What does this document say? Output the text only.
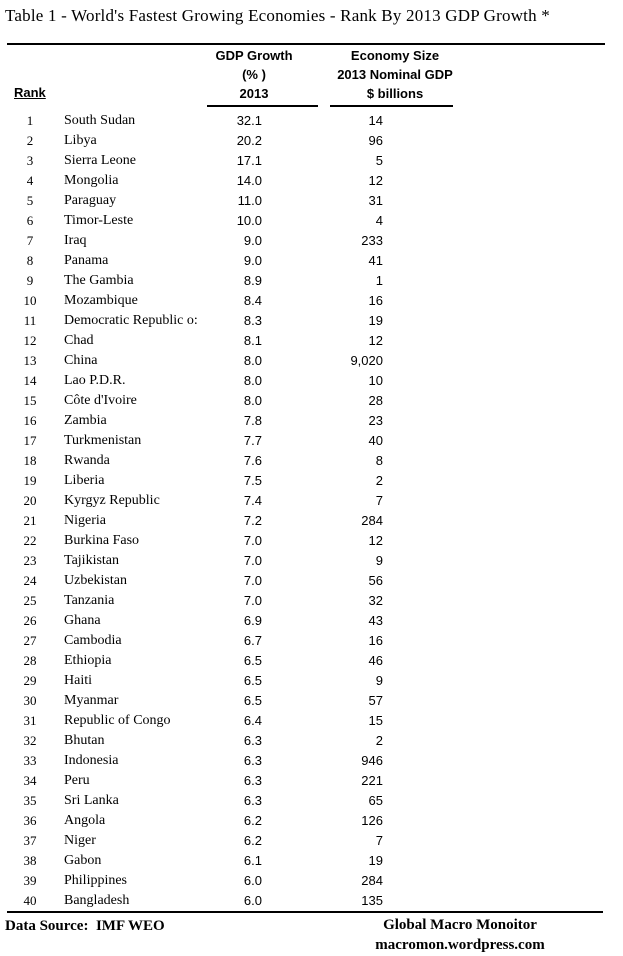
Table 1 - World's Fastest Growing Economies - Rank By 2013 GDP Growth *
Rank
GDP Growth
(% )
2013
Economy Size
2013 Nominal GDP
$ billions
1	South Sudan	32.1	14
2	Libya	20.2	96
3	Sierra Leone	17.1	5
4	Mongolia	14.0	12
5	Paraguay	11.0	31
6	Timor-Leste	10.0	4
7	Iraq	9.0	233
8	Panama	9.0	41
9	The Gambia	8.9	1
10	Mozambique	8.4	16
11	Democratic Republic o:	8.3	19
12	Chad	8.1	12
13	China	8.0	9,020
14	Lao P.D.R.	8.0	10
15	Côte d'Ivoire	8.0	28
16	Zambia	7.8	23
17	Turkmenistan	7.7	40
18	Rwanda	7.6	8
19	Liberia	7.5	2
20	Kyrgyz Republic	7.4	7
21	Nigeria	7.2	284
22	Burkina Faso	7.0	12
23	Tajikistan	7.0	9
24	Uzbekistan	7.0	56
25	Tanzania	7.0	32
26	Ghana	6.9	43
27	Cambodia	6.7	16
28	Ethiopia	6.5	46
29	Haiti	6.5	9
30	Myanmar	6.5	57
31	Republic of Congo	6.4	15
32	Bhutan	6.3	2
33	Indonesia	6.3	946
34	Peru	6.3	221
35	Sri Lanka	6.3	65
36	Angola	6.2	126
37	Niger	6.2	7
38	Gabon	6.1	19
39	Philippines	6.0	284
40	Bangladesh	6.0	135
Data Source:  IMF WEO	Global Macro Monoitor
macromon.wordpress.com
